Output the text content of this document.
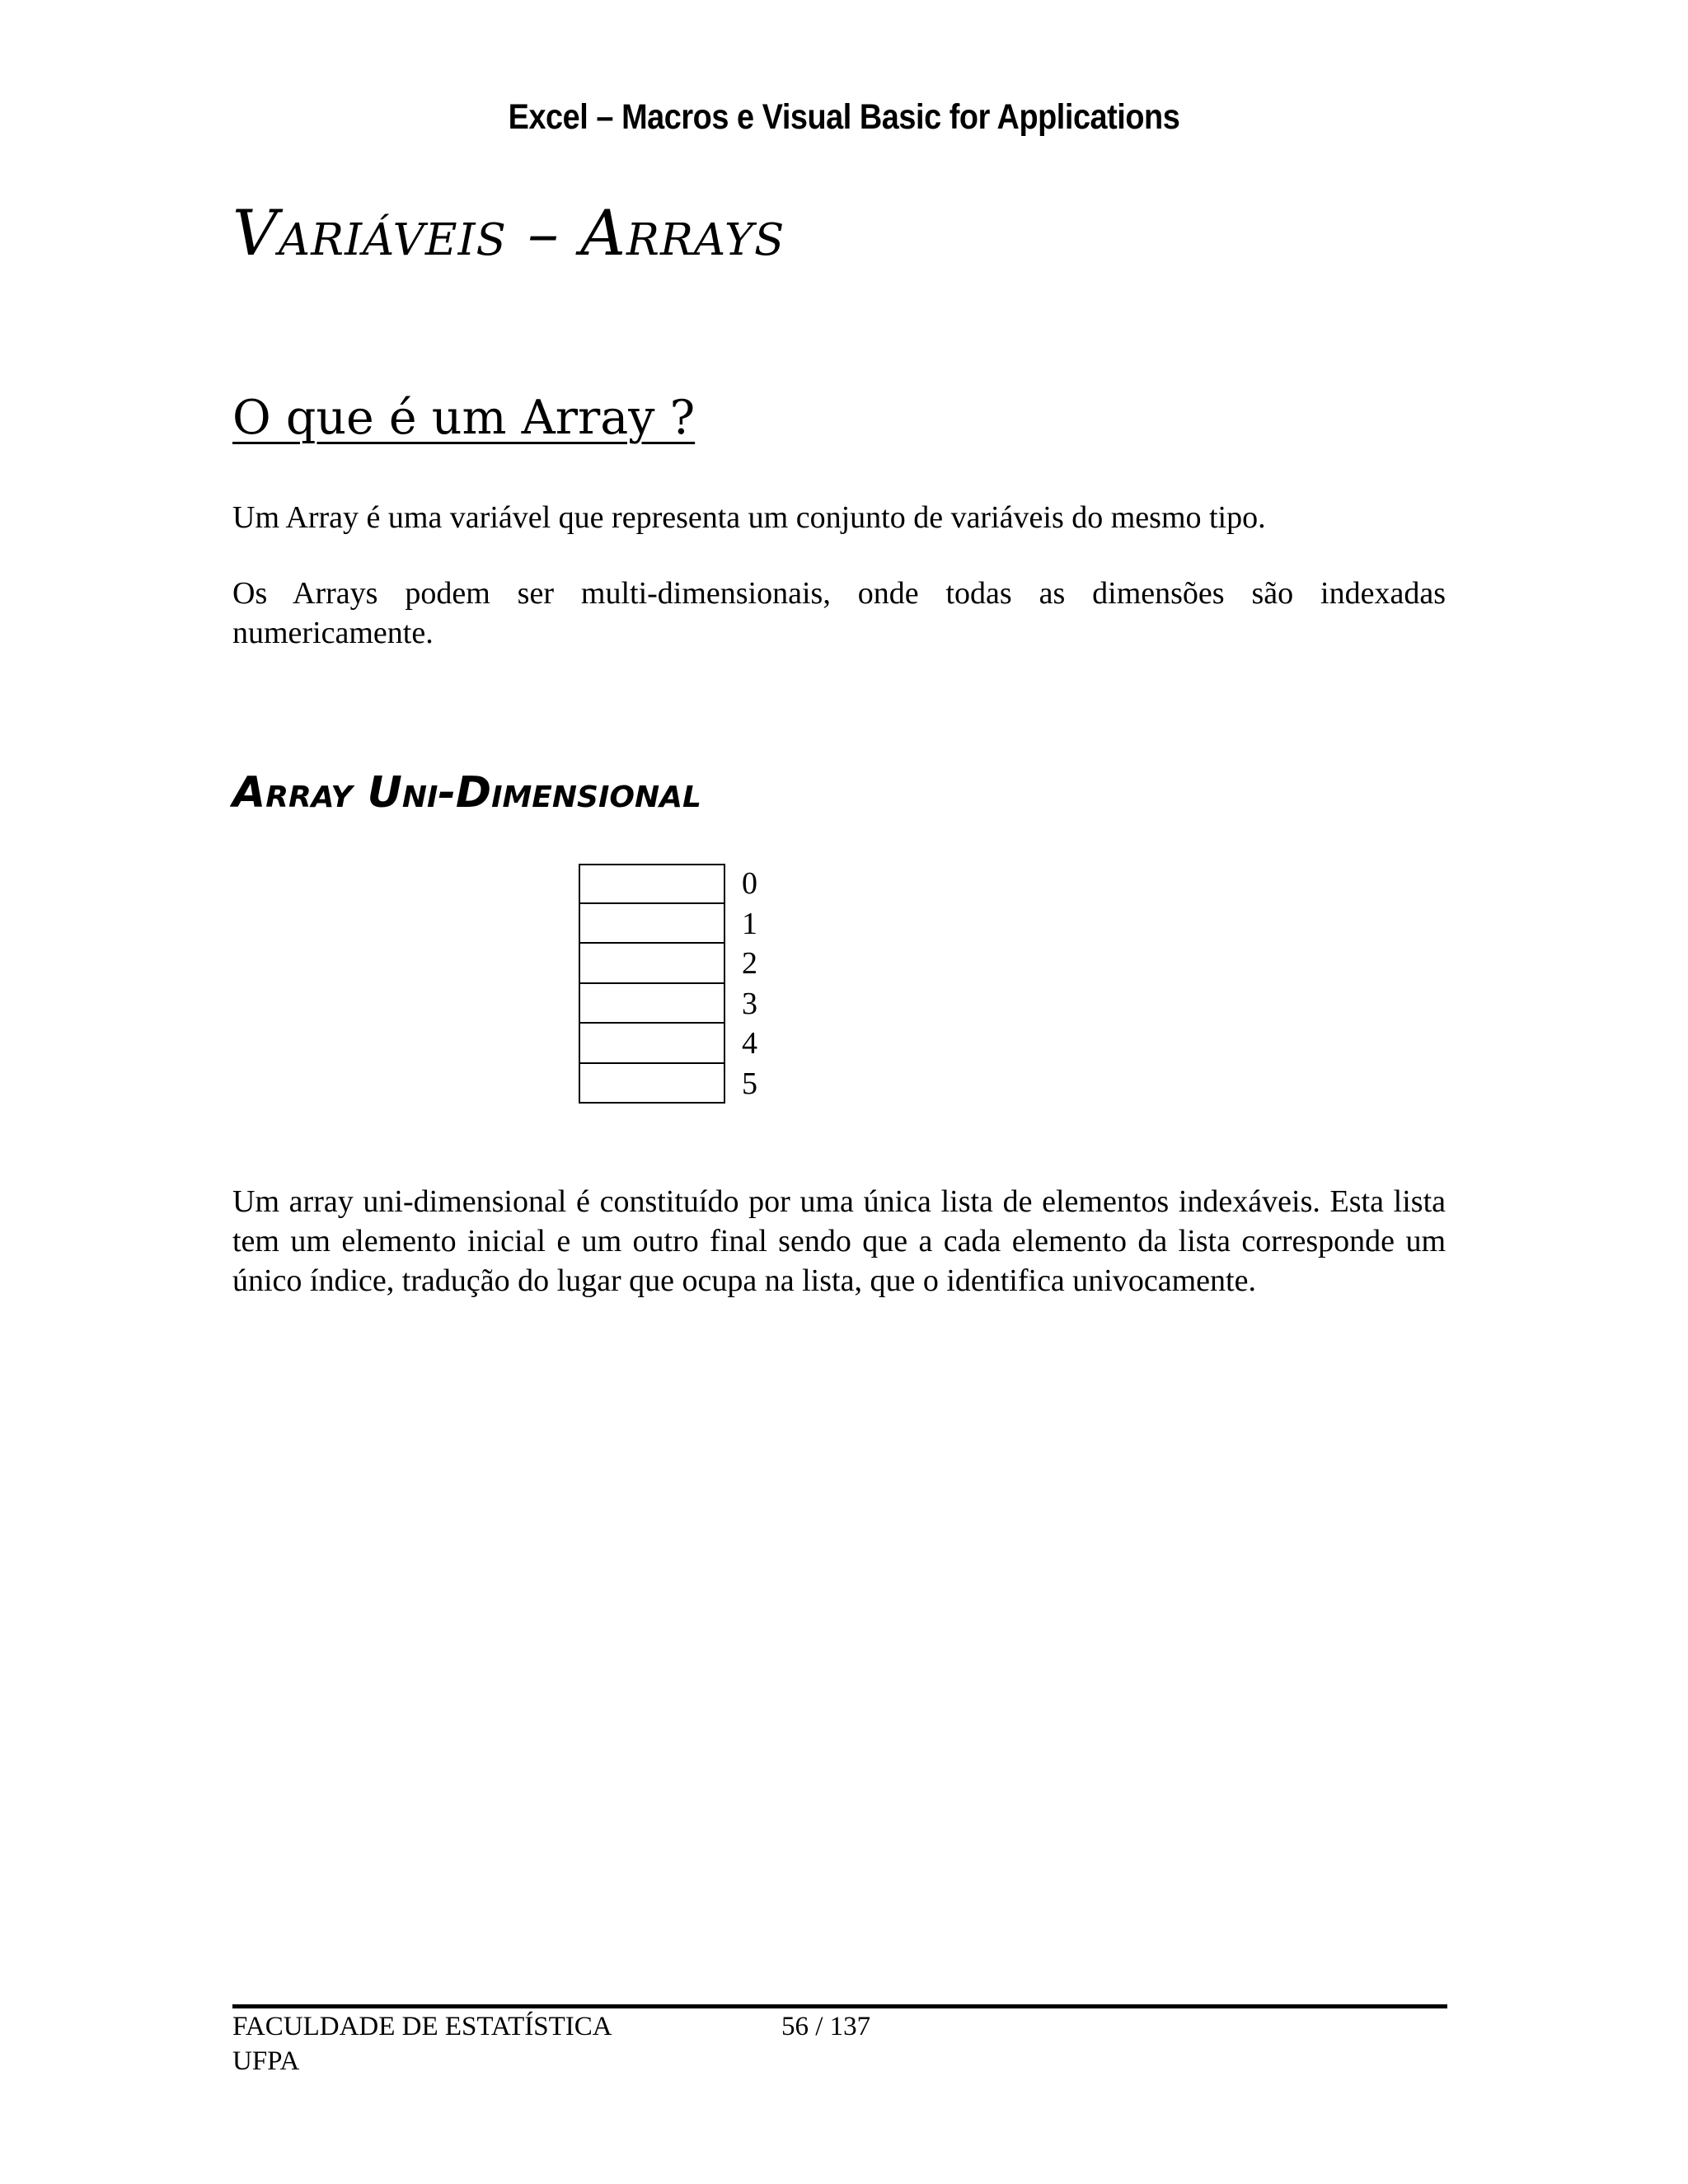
Excel – Macros e Visual Basic for Applications
Variáveis – Arrays
O que é um Array ?

Um Array é uma variável que representa um conjunto de variáveis do mesmo tipo.

Os Arrays podem ser multi-dimensionais, onde todas as dimensões são indexadas numericamente.

Array Uni-Dimensional
0
1
2
3
4
5

Um array uni-dimensional é constituído por uma única lista de elementos indexáveis. Esta lista tem um elemento inicial e um outro final sendo que a cada elemento da lista corresponde um único índice, tradução do lugar que ocupa na lista, que o identifica univocamente.

FACULDADE DE ESTATÍSTICA
UFPA
56 / 137
